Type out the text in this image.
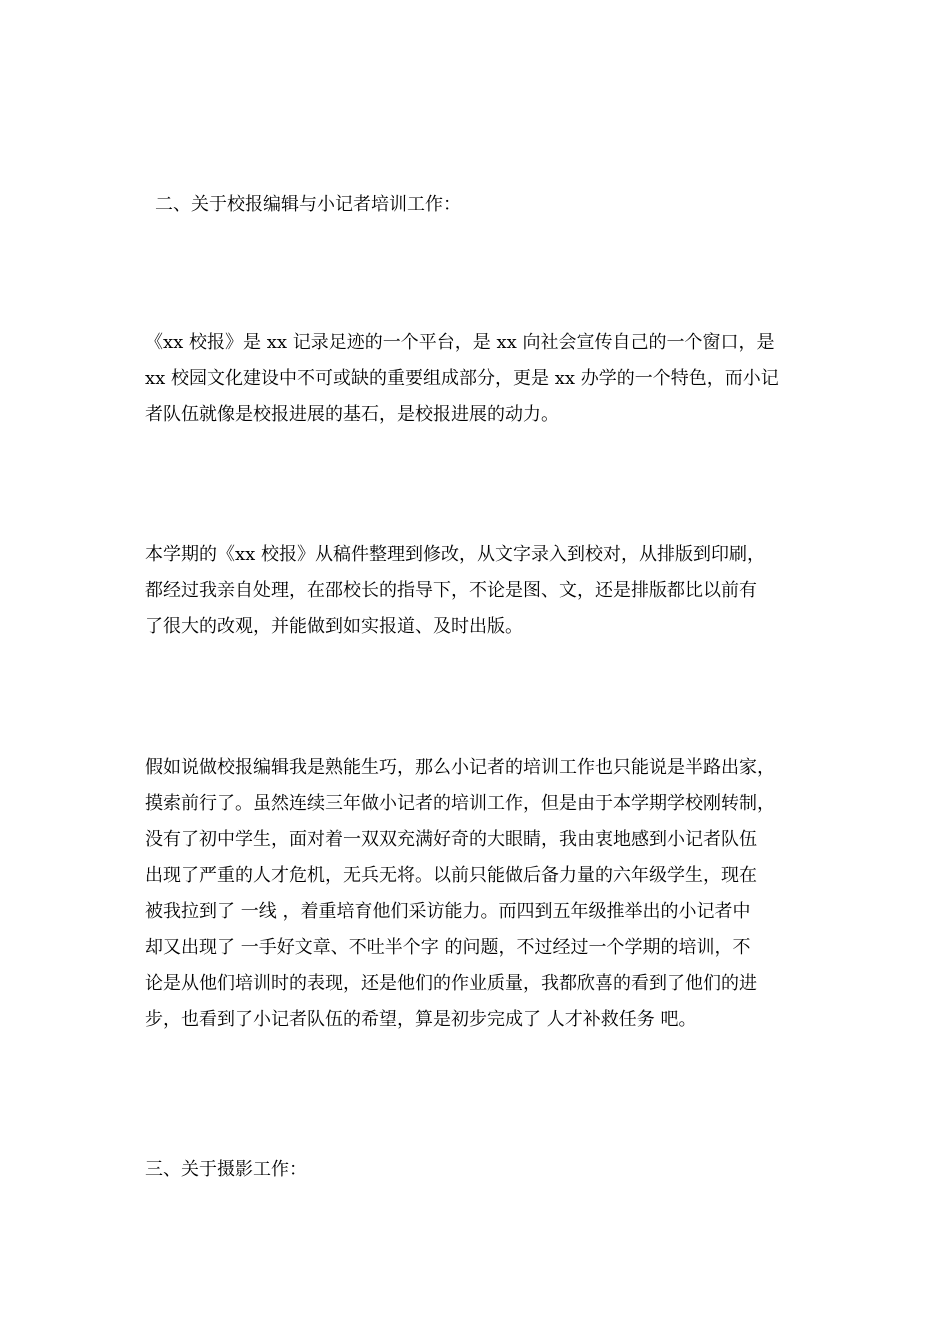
二、关于校报编辑与小记者培训工作：
《xx 校报》是 xx 记录足迹的一个平台，是 xx 向社会宣传自己的一个窗口，是
xx 校园文化建设中不可或缺的重要组成部分，更是 xx 办学的一个特色，而小记
者队伍就像是校报进展的基石，是校报进展的动力。
本学期的《xx 校报》从稿件整理到修改，从文字录入到校对，从排版到印刷，
都经过我亲自处理，在邵校长的指导下，不论是图、文，还是排版都比以前有
了很大的改观，并能做到如实报道、及时出版。
假如说做校报编辑我是熟能生巧，那么小记者的培训工作也只能说是半路出家，
摸索前行了。虽然连续三年做小记者的培训工作，但是由于本学期学校刚转制，
没有了初中学生，面对着一双双充满好奇的大眼睛，我由衷地感到小记者队伍
出现了严重的人才危机，无兵无将。以前只能做后备力量的六年级学生，现在
被我拉到了 一线 ，着重培育他们采访能力。而四到五年级推举出的小记者中
却又出现了 一手好文章、不吐半个字 的问题，不过经过一个学期的培训，不
论是从他们培训时的表现，还是他们的作业质量，我都欣喜的看到了他们的进
步，也看到了小记者队伍的希望，算是初步完成了 人才补救任务 吧。
三、关于摄影工作：
